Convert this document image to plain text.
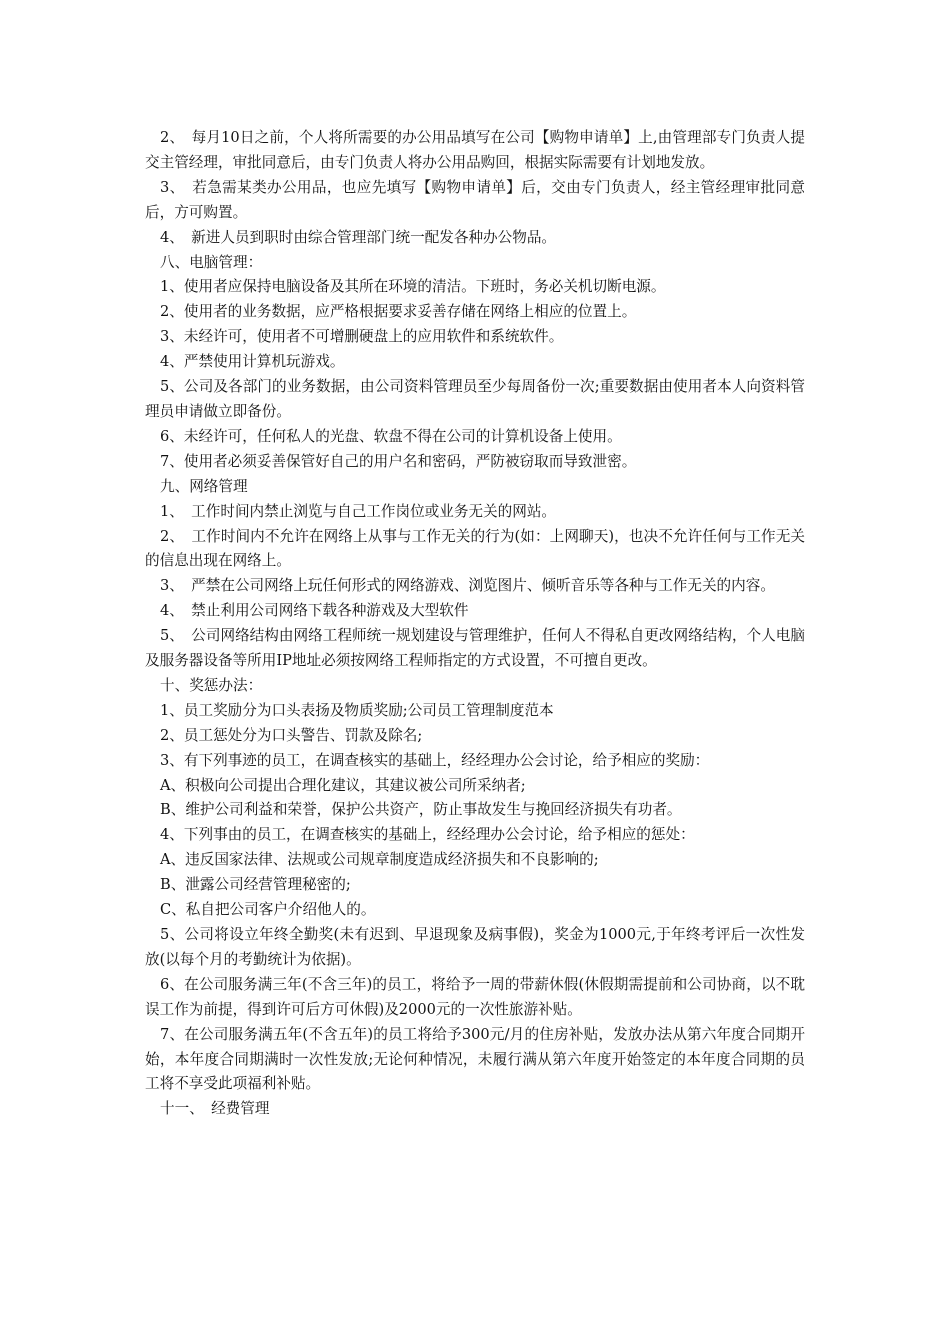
2、　每月10日之前，个人将所需要的办公用品填写在公司【购物申请单】上,由管理部专门负责人提交主管经理，审批同意后，由专门负责人将办公用品购回，根据实际需要有计划地发放。

3、　若急需某类办公用品，也应先填写【购物申请单】后，交由专门负责人，经主管经理审批同意后，方可购置。

4、　新进人员到职时由综合管理部门统一配发各种办公物品。

八、电脑管理：

1、使用者应保持电脑设备及其所在环境的清洁。下班时，务必关机切断电源。

2、使用者的业务数据，应严格根据要求妥善存储在网络上相应的位置上。

3、未经许可，使用者不可增删硬盘上的应用软件和系统软件。

4、严禁使用计算机玩游戏。

5、公司及各部门的业务数据，由公司资料管理员至少每周备份一次;重要数据由使用者本人向资料管理员申请做立即备份。

6、未经许可，任何私人的光盘、软盘不得在公司的计算机设备上使用。

7、使用者必须妥善保管好自己的用户名和密码，严防被窃取而导致泄密。

九、网络管理

1、　工作时间内禁止浏览与自己工作岗位或业务无关的网站。

2、　工作时间内不允许在网络上从事与工作无关的行为(如：上网聊天)，也决不允许任何与工作无关的信息出现在网络上。

3、　严禁在公司网络上玩任何形式的网络游戏、浏览图片、倾听音乐等各种与工作无关的内容。

4、　禁止利用公司网络下载各种游戏及大型软件

5、　公司网络结构由网络工程师统一规划建设与管理维护，任何人不得私自更改网络结构，个人电脑及服务器设备等所用IP地址必须按网络工程师指定的方式设置，不可擅自更改。

十、奖惩办法：

1、员工奖励分为口头表扬及物质奖励;公司员工管理制度范本

2、员工惩处分为口头警告、罚款及除名;

3、有下列事迹的员工，在调查核实的基础上，经经理办公会讨论，给予相应的奖励：

A、积极向公司提出合理化建议，其建议被公司所采纳者;

B、维护公司利益和荣誉，保护公共资产，防止事故发生与挽回经济损失有功者。

4、下列事由的员工，在调查核实的基础上，经经理办公会讨论，给予相应的惩处：

A、违反国家法律、法规或公司规章制度造成经济损失和不良影响的;

B、泄露公司经营管理秘密的;

C、私自把公司客户介绍他人的。

5、公司将设立年终全勤奖(未有迟到、早退现象及病事假)，奖金为1000元,于年终考评后一次性发放(以每个月的考勤统计为依据)。

6、在公司服务满三年(不含三年)的员工，将给予一周的带薪休假(休假期需提前和公司协商，以不耽误工作为前提，得到许可后方可休假)及2000元的一次性旅游补贴。

7、在公司服务满五年(不含五年)的员工将给予300元/月的住房补贴，发放办法从第六年度合同期开始，本年度合同期满时一次性发放;无论何种情况，未履行满从第六年度开始签定的本年度合同期的员工将不享受此项福利补贴。

十一、　经费管理
